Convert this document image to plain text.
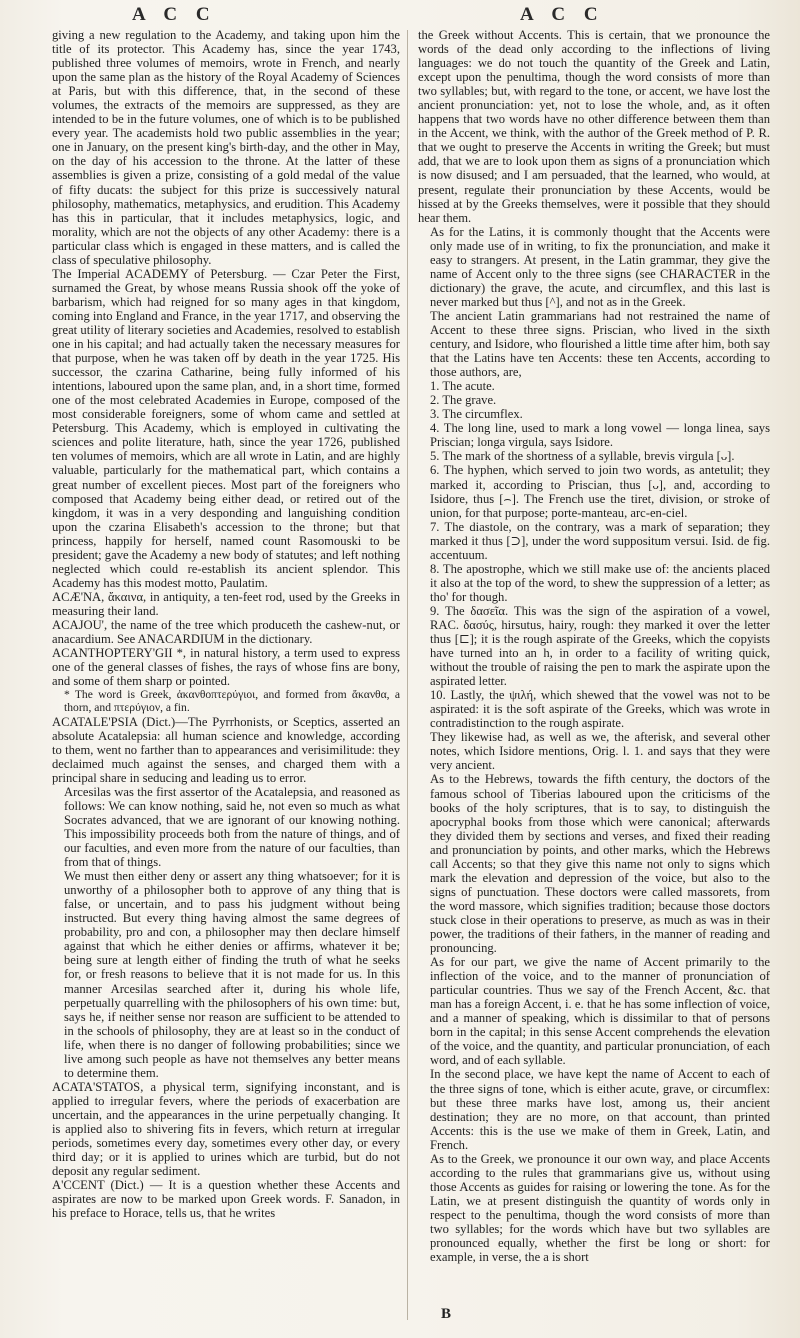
A C C	A C C

giving a new regulation to the Academy, and taking upon him the title of its protector. This Academy has, since the year 1743, published three volumes of memoirs, wrote in French, and nearly upon the same plan as the history of the Royal Academy of Sciences at Paris, but with this difference, that, in the second of these volumes, the extracts of the memoirs are suppressed, as they are intended to be in the future volumes, one of which is to be published every year. The academists hold two public assemblies in the year; one in January, on the present king's birth-day, and the other in May, on the day of his accession to the throne. At the latter of these assemblies is given a prize, consisting of a gold medal of the value of fifty ducats: the subject for this prize is successively natural philosophy, mathematics, metaphysics, and erudition. This Academy has this in particular, that it includes metaphysics, logic, and morality, which are not the objects of any other Academy: there is a particular class which is engaged in these matters, and is called the class of speculative philosophy.

The Imperial ACADEMY of Petersburg. — Czar Peter the First, surnamed the Great, by whose means Russia shook off the yoke of barbarism, which had reigned for so many ages in that kingdom, coming into England and France, in the year 1717, and observing the great utility of literary societies and Academies, resolved to establish one in his capital; and had actually taken the necessary measures for that purpose, when he was taken off by death in the year 1725. His successor, the czarina Catharine, being fully informed of his intentions, laboured upon the same plan, and, in a short time, formed one of the most celebrated Academies in Europe, composed of the most considerable foreigners, some of whom came and settled at Petersburg. This Academy, which is employed in cultivating the sciences and polite literature, hath, since the year 1726, published ten volumes of memoirs, which are all wrote in Latin, and are highly valuable, particularly for the mathematical part, which contains a great number of excellent pieces. Most part of the foreigners who composed that Academy being either dead, or retired out of the kingdom, it was in a very desponding and languishing condition upon the czarina Elisabeth's accession to the throne; but that princess, happily for herself, named count Rasomouski to be president; gave the Academy a new body of statutes; and left nothing neglected which could re-establish its ancient splendor. This Academy has this modest motto, Paulatim.

ACÆ'NA, ἄκαινα, in antiquity, a ten-feet rod, used by the Greeks in measuring their land.

ACAJOU', the name of the tree which produceth the cashew-nut, or anacardium. See ANACARDIUM in the dictionary.

ACANTHOPTERY'GII *, in natural history, a term used to express one of the general classes of fishes, the rays of whose fins are bony, and some of them sharp or pointed.

* The word is Greek, ἀκανθοπτερύγιοι, and formed from ἄκανθα, a thorn, and πτερύγιον, a fin.

ACATALE'PSIA (Dict.)—The Pyrrhonists, or Sceptics, asserted an absolute Acatalepsia: all human science and knowledge, according to them, went no farther than to appearances and verisimilitude: they declaimed much against the senses, and charged them with a principal share in seducing and leading us to error.

Arcesilas was the first assertor of the Acatalepsia, and reasoned as follows: We can know nothing, said he, not even so much as what Socrates advanced, that we are ignorant of our knowing nothing. This impossibility proceeds both from the nature of things, and of our faculties, and even more from the nature of our faculties, than from that of things.

We must then either deny or assert any thing whatsoever; for it is unworthy of a philosopher both to approve of any thing that is false, or uncertain, and to pass his judgment without being instructed. But every thing having almost the same degrees of probability, pro and con, a philosopher may then declare himself against that which he either denies or affirms, whatever it be; being sure at length either of finding the truth of what he seeks for, or fresh reasons to believe that it is not made for us. In this manner Arcesilas searched after it, during his whole life, perpetually quarrelling with the philosophers of his own time: but, says he, if neither sense nor reason are sufficient to be attended to in the schools of philosophy, they are at least so in the conduct of life, when there is no danger of following probabilities; since we live among such people as have not themselves any better means to determine them.

ACATA'STATOS, a physical term, signifying inconstant, and is applied to irregular fevers, where the periods of exacerbation are uncertain, and the appearances in the urine perpetually changing. It is applied also to shivering fits in fevers, which return at irregular periods, sometimes every day, sometimes every other day, or every third day; or it is applied to urines which are turbid, but do not deposit any regular sediment.

A'CCENT (Dict.) — It is a question whether these Accents and aspirates are now to be marked upon Greek words. F. Sanadon, in his preface to Horace, tells us, that he writes

the Greek without Accents. This is certain, that we pronounce the words of the dead only according to the inflections of living languages: we do not touch the quantity of the Greek and Latin, except upon the penultima, though the word consists of more than two syllables; but, with regard to the tone, or accent, we have lost the ancient pronunciation: yet, not to lose the whole, and, as it often happens that two words have no other difference between them than in the Accent, we think, with the author of the Greek method of P. R. that we ought to preserve the Accents in writing the Greek; but must add, that we are to look upon them as signs of a pronunciation which is now disused; and I am persuaded, that the learned, who would, at present, regulate their pronunciation by these Accents, would be hissed at by the Greeks themselves, were it possible that they should hear them.

As for the Latins, it is commonly thought that the Accents were only made use of in writing, to fix the pronunciation, and make it easy to strangers. At present, in the Latin grammar, they give the name of Accent only to the three signs (see CHARACTER in the dictionary) the grave, the acute, and circumflex, and this last is never marked but thus [^], and not as in the Greek.

The ancient Latin grammarians had not restrained the name of Accent to these three signs. Priscian, who lived in the sixth century, and Isidore, who flourished a little time after him, both say that the Latins have ten Accents: these ten Accents, according to those authors, are,

1. The acute.

2. The grave.

3. The circumflex.

4. The long line, used to mark a long vowel — longa linea, says Priscian; longa virgula, says Isidore.

5. The mark of the shortness of a syllable, brevis virgula [ᴗ].

6. The hyphen, which served to join two words, as antetulit; they marked it, according to Priscian, thus [ᴗ], and, according to Isidore, thus [⌢]. The French use the tiret, division, or stroke of union, for that purpose; porte-manteau, arc-en-ciel.

7. The diastole, on the contrary, was a mark of separation; they marked it thus [⊃], under the word suppositum versui. Isid. de fig. accentuum.

8. The apostrophe, which we still make use of: the ancients placed it also at the top of the word, to shew the suppression of a letter; as tho' for though.

9. The δασεῖα. This was the sign of the aspiration of a vowel, RAC. δασύς, hirsutus, hairy, rough: they marked it over the letter thus [⊏]; it is the rough aspirate of the Greeks, which the copyists have turned into an h, in order to a facility of writing quick, without the trouble of raising the pen to mark the aspirate upon the aspirated letter.

10. Lastly, the ψιλή, which shewed that the vowel was not to be aspirated: it is the soft aspirate of the Greeks, which was wrote in contradistinction to the rough aspirate.

They likewise had, as well as we, the afterisk, and several other notes, which Isidore mentions, Orig. l. 1. and says that they were very ancient.

As to the Hebrews, towards the fifth century, the doctors of the famous school of Tiberias laboured upon the criticisms of the books of the holy scriptures, that is to say, to distinguish the apocryphal books from those which were canonical; afterwards they divided them by sections and verses, and fixed their reading and pronunciation by points, and other marks, which the Hebrews call Accents; so that they give this name not only to signs which mark the elevation and depression of the voice, but also to the signs of punctuation. These doctors were called massorets, from the word massore, which signifies tradition; because those doctors stuck close in their operations to preserve, as much as was in their power, the traditions of their fathers, in the manner of reading and pronouncing.

As for our part, we give the name of Accent primarily to the inflection of the voice, and to the manner of pronunciation of particular countries. Thus we say of the French Accent, &c. that man has a foreign Accent, i. e. that he has some inflection of voice, and a manner of speaking, which is dissimilar to that of persons born in the capital; in this sense Accent comprehends the elevation of the voice, and the quantity, and particular pronunciation, of each word, and of each syllable.

In the second place, we have kept the name of Accent to each of the three signs of tone, which is either acute, grave, or circumflex: but these three marks have lost, among us, their ancient destination; they are no more, on that account, than printed Accents: this is the use we make of them in Greek, Latin, and French.

As to the Greek, we pronounce it our own way, and place Accents according to the rules that grammarians give us, without using those Accents as guides for raising or lowering the tone. As for the Latin, we at present distinguish the quantity of words only in respect to the penultima, though the word consists of more than two syllables; for the words which have but two syllables are pronounced equally, whether the first be long or short: for example, in verse, the a is short

B
